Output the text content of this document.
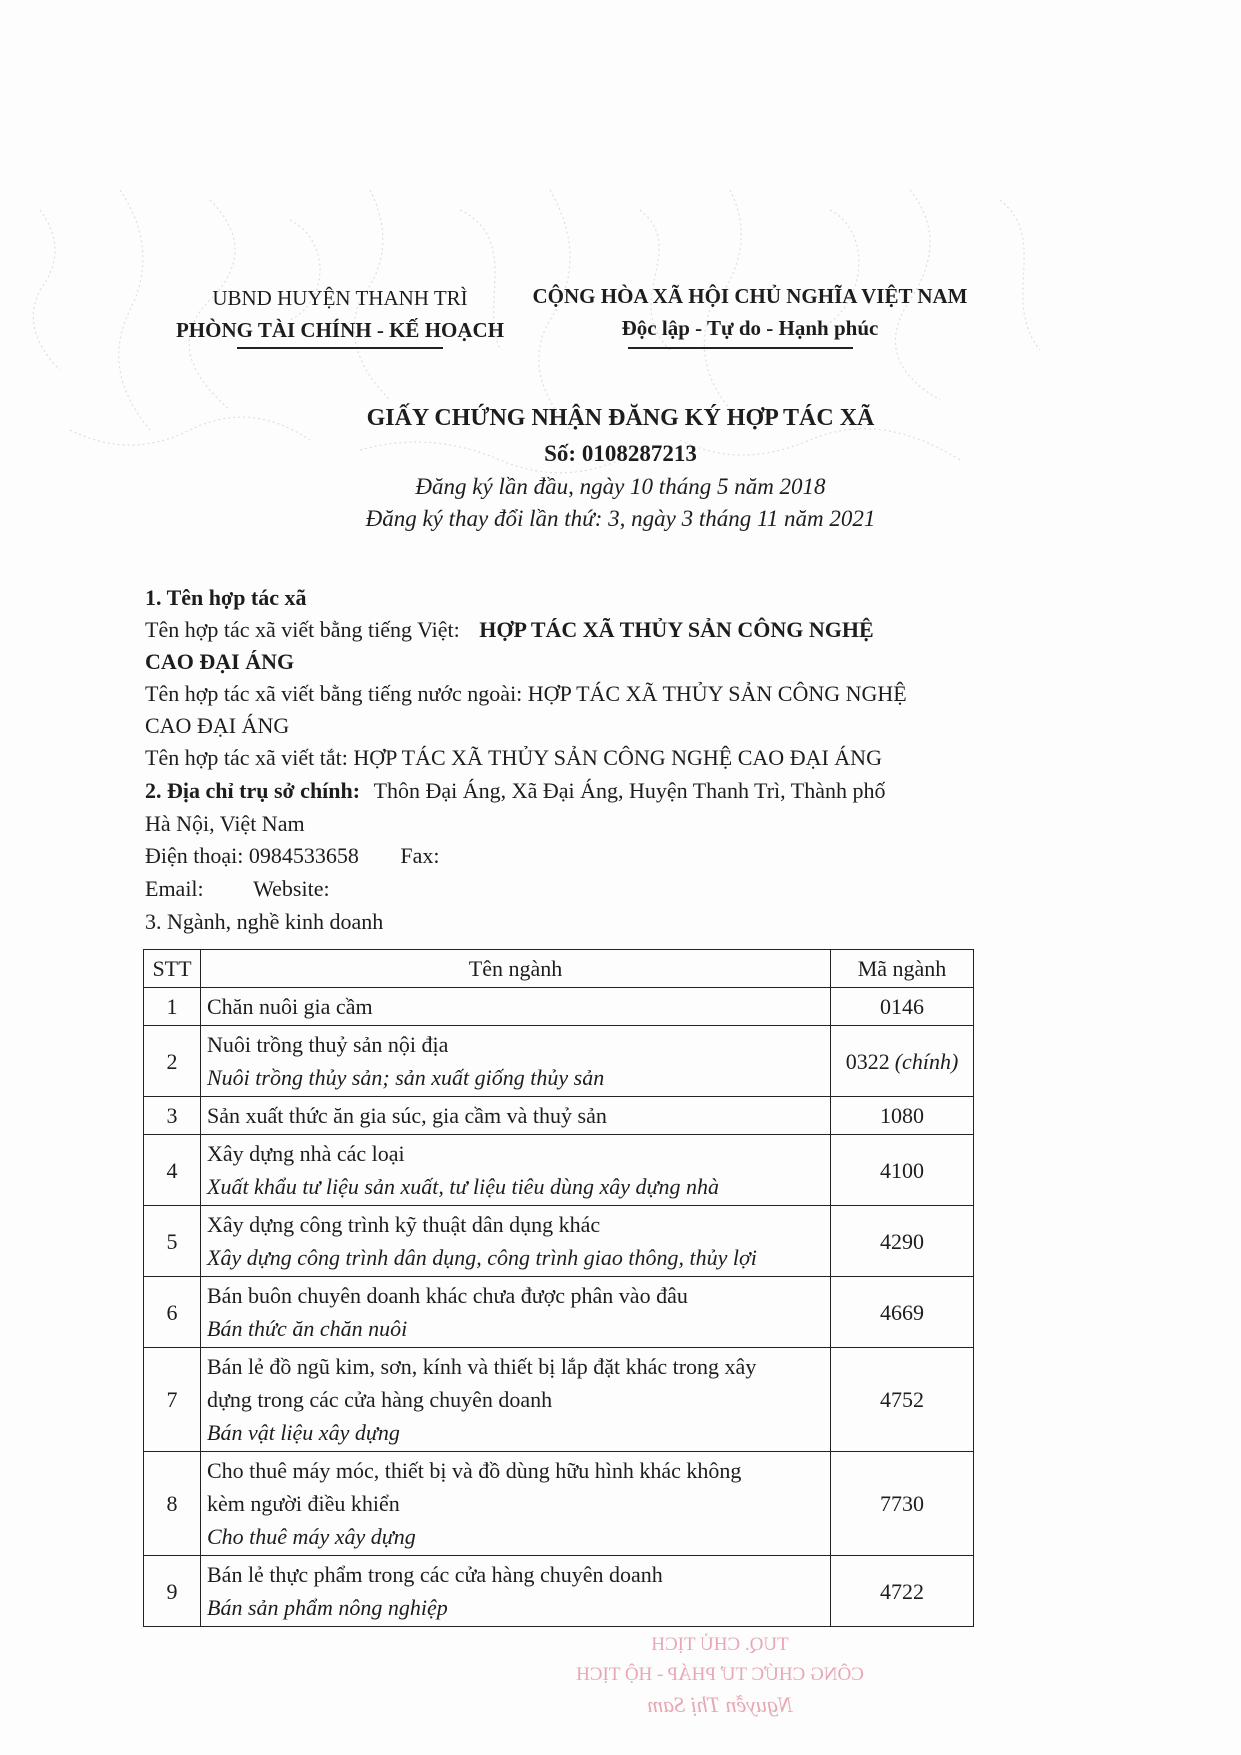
UBND HUYỆN THANH TRÌ
PHÒNG TÀI CHÍNH - KẾ HOẠCH
CỘNG HÒA XÃ HỘI CHỦ NGHĨA VIỆT NAM
Độc lập - Tự do - Hạnh phúc
GIẤY CHỨNG NHẬN ĐĂNG KÝ HỢP TÁC XÃ
Số: 0108287213
Đăng ký lần đầu, ngày 10 tháng 5 năm 2018
Đăng ký thay đổi lần thứ: 3, ngày 3 tháng 11 năm 2021
1. Tên hợp tác xã
Tên hợp tác xã viết bằng tiếng Việt: HỢP TÁC XÃ THỦY SẢN CÔNG NGHỆ
CAO ĐẠI ÁNG
Tên hợp tác xã viết bằng tiếng nước ngoài: HỢP TÁC XÃ THỦY SẢN CÔNG NGHỆ
CAO ĐẠI ÁNG
Tên hợp tác xã viết tắt: HỢP TÁC XÃ THỦY SẢN CÔNG NGHỆ CAO ĐẠI ÁNG
2. Địa chỉ trụ sở chính: Thôn Đại Áng, Xã Đại Áng, Huyện Thanh Trì, Thành phố
Hà Nội, Việt Nam
Điện thoại: 0984533658 Fax:
Email: Website:
3. Ngành, nghề kinh doanh
STT	Tên ngành	Mã ngành
1	Chăn nuôi gia cầm	0146
2	Nuôi trồng thuỷ sản nội địa
Nuôi trồng thủy sản; sản xuất giống thủy sản	0322 (chính)
3	Sản xuất thức ăn gia súc, gia cầm và thuỷ sản	1080
4	Xây dựng nhà các loại
Xuất khẩu tư liệu sản xuất, tư liệu tiêu dùng xây dựng nhà	4100
5	Xây dựng công trình kỹ thuật dân dụng khác
Xây dựng công trình dân dụng, công trình giao thông, thủy lợi	4290
6	Bán buôn chuyên doanh khác chưa được phân vào đâu
Bán thức ăn chăn nuôi	4669
7	Bán lẻ đồ ngũ kim, sơn, kính và thiết bị lắp đặt khác trong xây
dựng trong các cửa hàng chuyên doanh
Bán vật liệu xây dựng	4752
8	Cho thuê máy móc, thiết bị và đồ dùng hữu hình khác không
kèm người điều khiển
Cho thuê máy xây dựng	7730
9	Bán lẻ thực phẩm trong các cửa hàng chuyên doanh
Bán sản phẩm nông nghiệp	4722
TUQ. CHỦ TỊCH
CÔNG CHỨC TƯ PHÁP - HỘ TỊCH
Nguyễn Thị Sam
